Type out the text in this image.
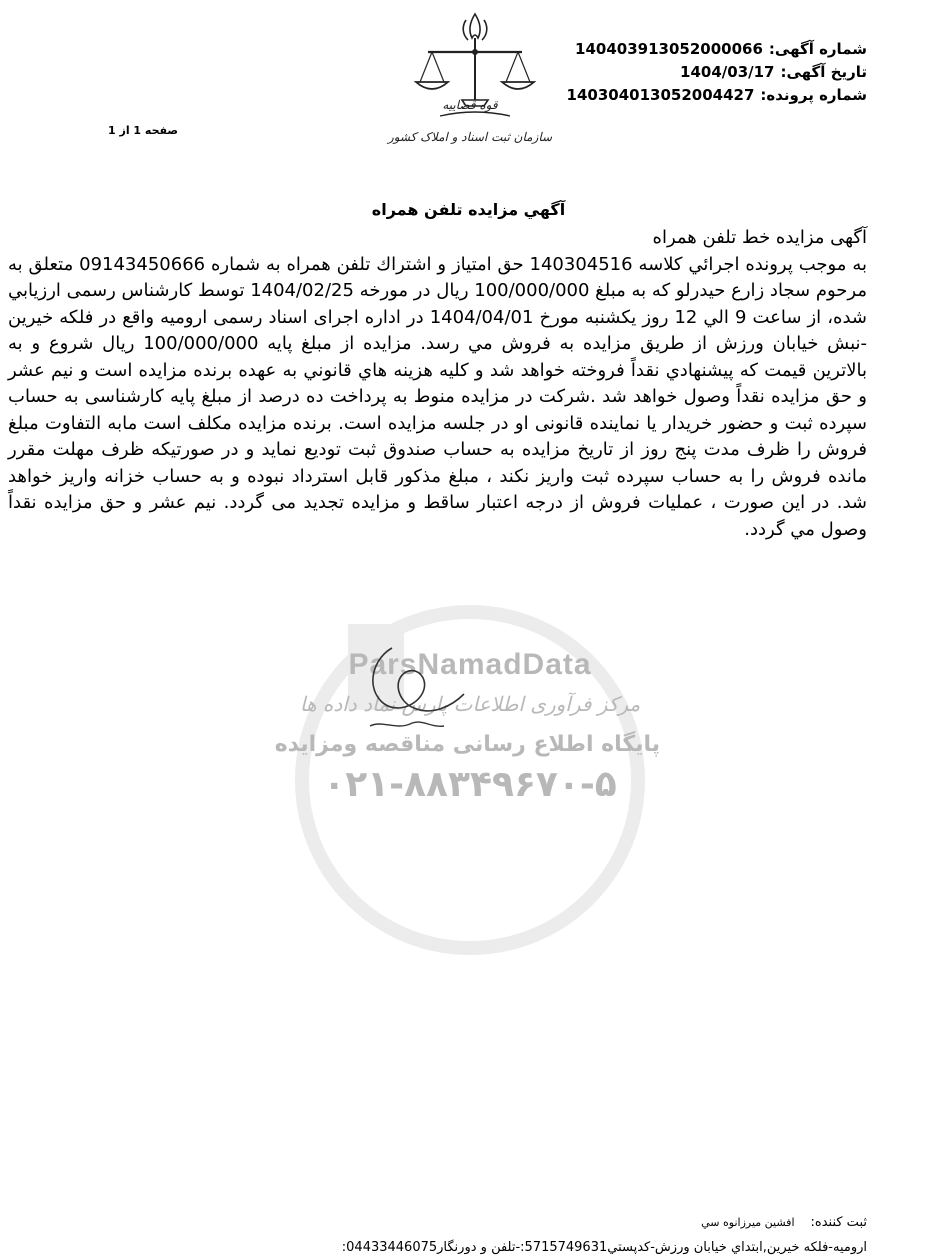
شماره آگهی:140403913052000066
تاریخ آگهی:1404/03/17
شماره پرونده:140304013052004427
صفحه 1 از 1
قوه قضاییه
سازمان ثبت اسناد و املاک کشور
آگهي مزايده تلفن همراه

آگهی مزایده خط تلفن همراه

به موجب پرونده اجرائي کلاسه 140304516 حق امتیاز و اشتراك تلفن همراه به شماره 09143450666 متعلق به مرحوم سجاد زارع حیدرلو که به مبلغ 100/000/000 ریال در مورخه 1404/02/25 توسط کارشناس رسمی ارزیابي شده، از ساعت 9 الي 12 روز یکشنبه مورخ 1404/04/01 در اداره اجرای اسناد رسمی ارومیه واقع در فلکه خیرین -نبش خیابان ورزش از طریق مزایده به فروش مي رسد. مزايده از مبلغ پايه 100/000/000 ريال شروع و به بالاترين قيمت كه پيشنهادي نقداً فروخته خواهد شد و كليه هزينه هاي قانوني به عهده برنده مزايده است و نيم عشر و حق مزايده نقداً وصول خواهد شد .شرکت در مزایده منوط به پرداخت ده درصد از مبلغ پایه کارشناسی به حساب سپرده ثبت و حضور خریدار یا نماینده قانونی او در جلسه مزایده است. برنده مزایده مکلف است مابه التفاوت مبلغ فروش را ظرف مدت پنج روز از تاریخ مزایده به حساب صندوق ثبت تودیع نماید و در صورتیکه ظرف مهلت مقرر مانده فروش را به حساب سپرده ثبت واریز نکند ، مبلغ مذکور قابل استرداد نبوده و به حساب خزانه واریز خواهد شد. در این صورت ، عملیات فروش از درجه اعتبار ساقط و مزایده تجدید می گردد. نیم عشر و حق مزايده نقداً وصول مي گردد.

ParsNamadData
مرکز فرآوری اطلاعات پارس نماد داده ها
پایگاه اطلاع رسانی مناقصه ومزایده
۰۲۱-۸۸۳۴۹۶۷۰-۵
ثبت کننده:افشین میرزانوه سي
ارومیه-فلکه خیرین,ابتداي خیابان ورزش-کدپستي5715749631:-تلفن و دورنگار04433446075:
